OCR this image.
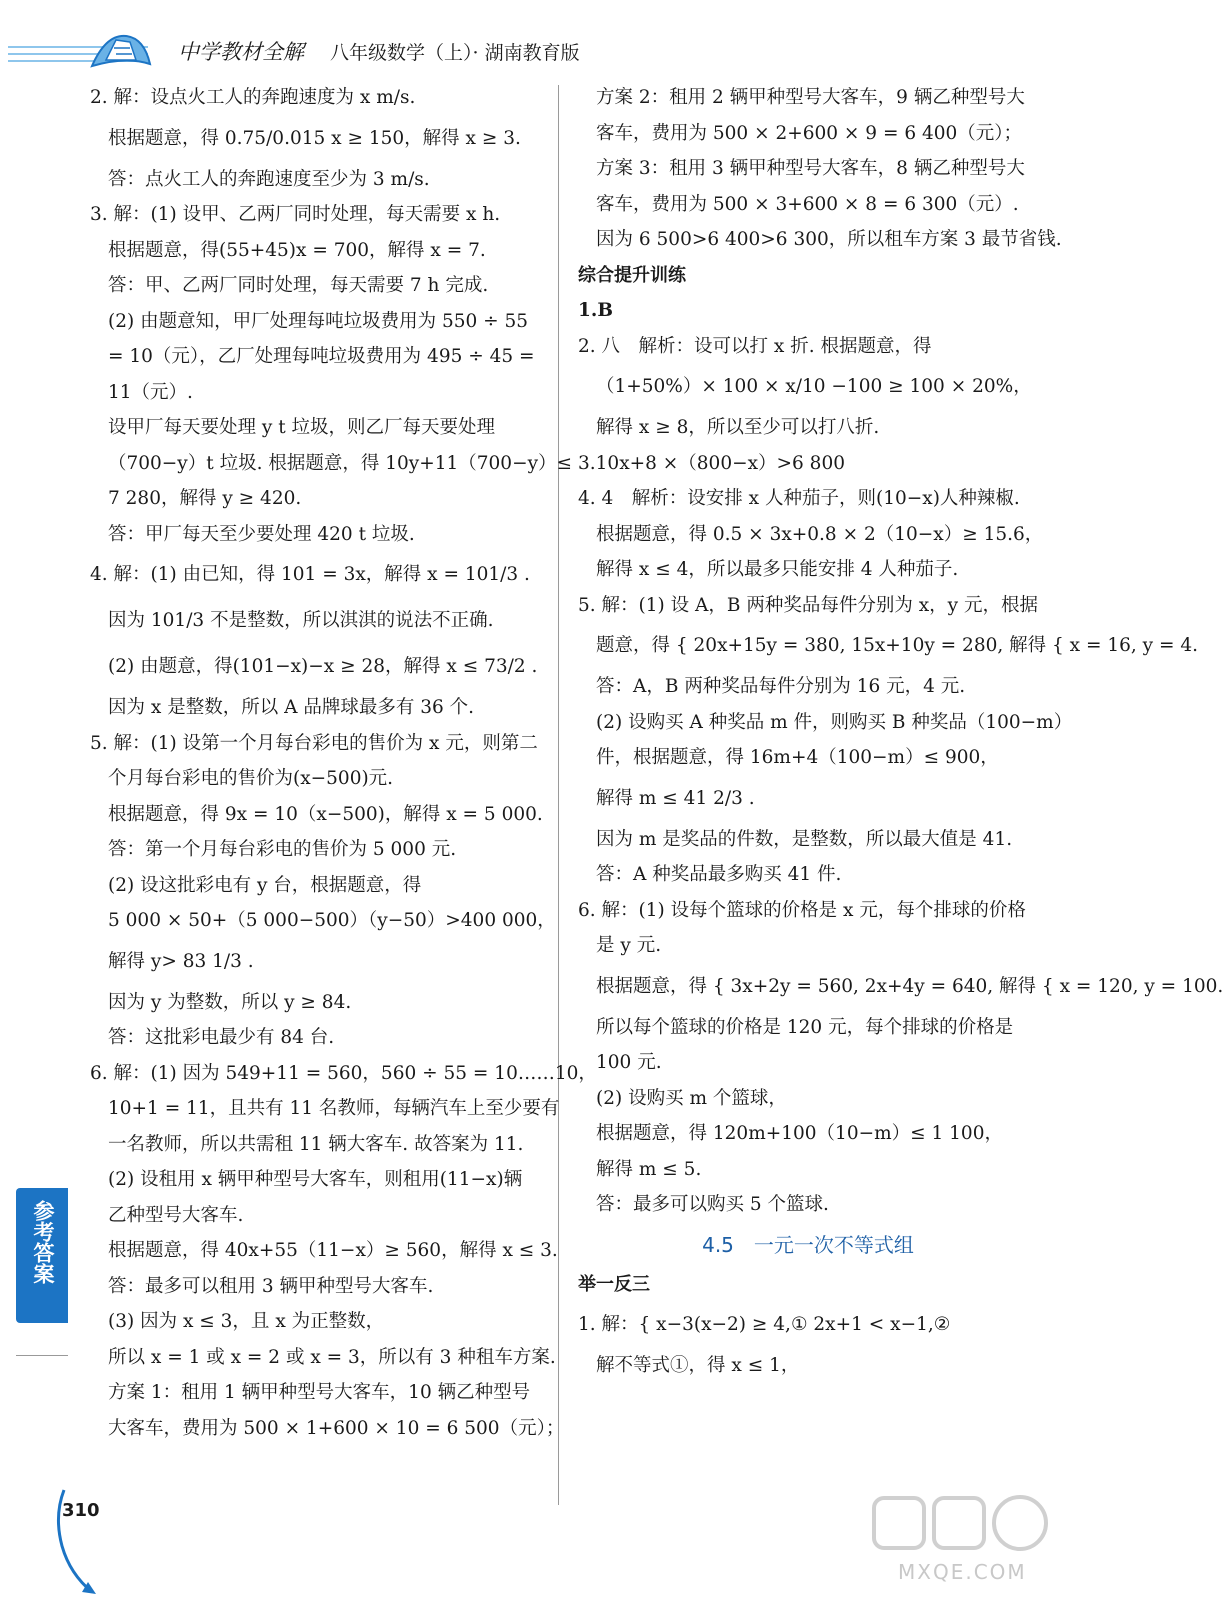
中学教材全解 八年级数学（上）· 湖南教育版
2. 解：设点火工人的奔跑速度为 x m/s.
根据题意，得 0.75/0.015 x ≥ 150，解得 x ≥ 3.
答：点火工人的奔跑速度至少为 3 m/s.
3. 解：(1) 设甲、乙两厂同时处理，每天需要 x h.
根据题意，得(55+45)x = 700，解得 x = 7.
答：甲、乙两厂同时处理，每天需要 7 h 完成.
(2) 由题意知，甲厂处理每吨垃圾费用为 550 ÷ 55
= 10（元），乙厂处理每吨垃圾费用为 495 ÷ 45 =
11（元）.
设甲厂每天要处理 y t 垃圾，则乙厂每天要处理
（700−y）t 垃圾. 根据题意，得 10y+11（700−y）≤
7 280，解得 y ≥ 420.
答：甲厂每天至少要处理 420 t 垃圾.
4. 解：(1) 由已知，得 101 = 3x，解得 x = 101/3 .
因为 101/3 不是整数，所以淇淇的说法不正确.
(2) 由题意，得(101−x)−x ≥ 28，解得 x ≤ 73/2 .
因为 x 是整数，所以 A 品牌球最多有 36 个.
5. 解：(1) 设第一个月每台彩电的售价为 x 元，则第二
个月每台彩电的售价为(x−500)元.
根据题意，得 9x = 10（x−500)，解得 x = 5 000.
答：第一个月每台彩电的售价为 5 000 元.
(2) 设这批彩电有 y 台，根据题意，得
5 000 × 50+（5 000−500）（y−50）>400 000，
解得 y> 83 1/3 .
因为 y 为整数，所以 y ≥ 84.
答：这批彩电最少有 84 台.
6. 解：(1) 因为 549+11 = 560，560 ÷ 55 = 10……10，
10+1 = 11，且共有 11 名教师，每辆汽车上至少要有
一名教师，所以共需租 11 辆大客车. 故答案为 11.
(2) 设租用 x 辆甲种型号大客车，则租用(11−x)辆
乙种型号大客车.
根据题意，得 40x+55（11−x）≥ 560，解得 x ≤ 3.
答：最多可以租用 3 辆甲种型号大客车.
(3) 因为 x ≤ 3，且 x 为正整数，
所以 x = 1 或 x = 2 或 x = 3，所以有 3 种租车方案.
方案 1：租用 1 辆甲种型号大客车，10 辆乙种型号
大客车，费用为 500 × 1+600 × 10 = 6 500（元）；
方案 2：租用 2 辆甲种型号大客车，9 辆乙种型号大
客车，费用为 500 × 2+600 × 9 = 6 400（元）；
方案 3：租用 3 辆甲种型号大客车，8 辆乙种型号大
客车，费用为 500 × 3+600 × 8 = 6 300（元）.
因为 6 500>6 400>6 300，所以租车方案 3 最节省钱.
综合提升训练
1.B
2. 八　解析：设可以打 x 折. 根据题意，得
（1+50%）× 100 × x/10 −100 ≥ 100 × 20%，
解得 x ≥ 8，所以至少可以打八折.
3.10x+8 ×（800−x）>6 800
4. 4　解析：设安排 x 人种茄子，则(10−x)人种辣椒.
根据题意，得 0.5 × 3x+0.8 × 2（10−x）≥ 15.6，
解得 x ≤ 4，所以最多只能安排 4 人种茄子.
5. 解：(1) 设 A，B 两种奖品每件分别为 x，y 元，根据
题意，得 { 20x+15y = 380, 15x+10y = 280, 解得 { x = 16, y = 4.
答：A，B 两种奖品每件分别为 16 元，4 元.
(2) 设购买 A 种奖品 m 件，则购买 B 种奖品（100−m）
件，根据题意，得 16m+4（100−m）≤ 900，
解得 m ≤ 41 2/3 .
因为 m 是奖品的件数，是整数，所以最大值是 41.
答：A 种奖品最多购买 41 件.
6. 解：(1) 设每个篮球的价格是 x 元，每个排球的价格
是 y 元.
根据题意，得 { 3x+2y = 560, 2x+4y = 640, 解得 { x = 120, y = 100.
所以每个篮球的价格是 120 元，每个排球的价格是
100 元.
(2) 设购买 m 个篮球，
根据题意，得 120m+100（10−m）≤ 1 100，
解得 m ≤ 5.
答：最多可以购买 5 个篮球.
4.5　一元一次不等式组
举一反三
1. 解：{ x−3(x−2) ≥ 4,① 2x+1 < x−1,②
解不等式①，得 x ≤ 1，
参考答案
310
MXQE.COM
